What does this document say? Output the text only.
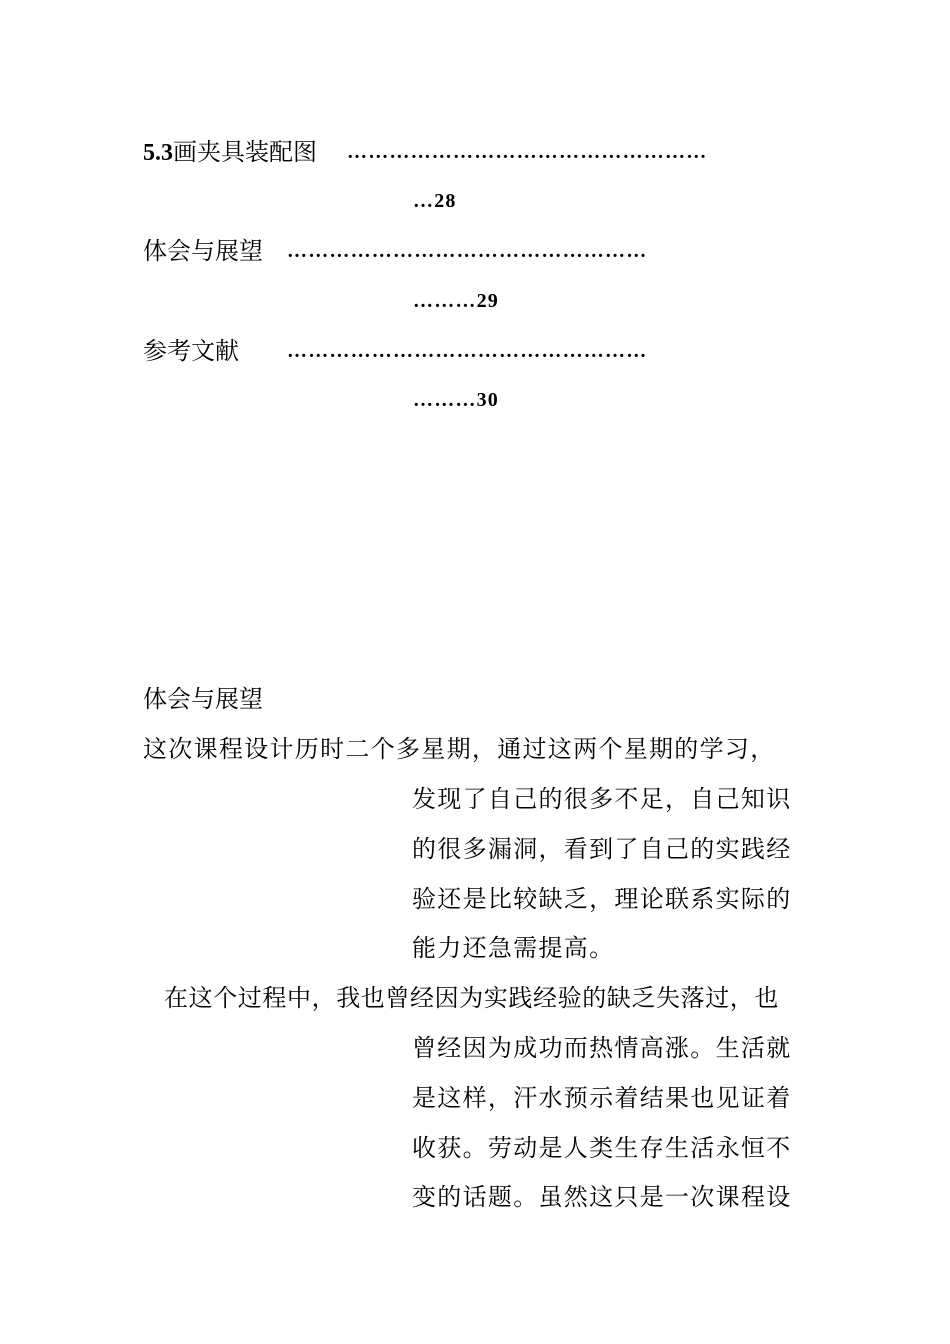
5.3画夹具装配图 ……………………………………………
…28
体会与展望 ……………………………………………
………29
参考文献 ……………………………………………
………30
体会与展望
这次课程设计历时二个多星期，通过这两个星期的学习，
发现了自己的很多不足，自己知识
的很多漏洞，看到了自己的实践经
验还是比较缺乏，理论联系实际的
能力还急需提高。
在这个过程中，我也曾经因为实践经验的缺乏失落过，也
曾经因为成功而热情高涨。生活就
是这样，汗水预示着结果也见证着
收获。劳动是人类生存生活永恒不
变的话题。虽然这只是一次课程设
